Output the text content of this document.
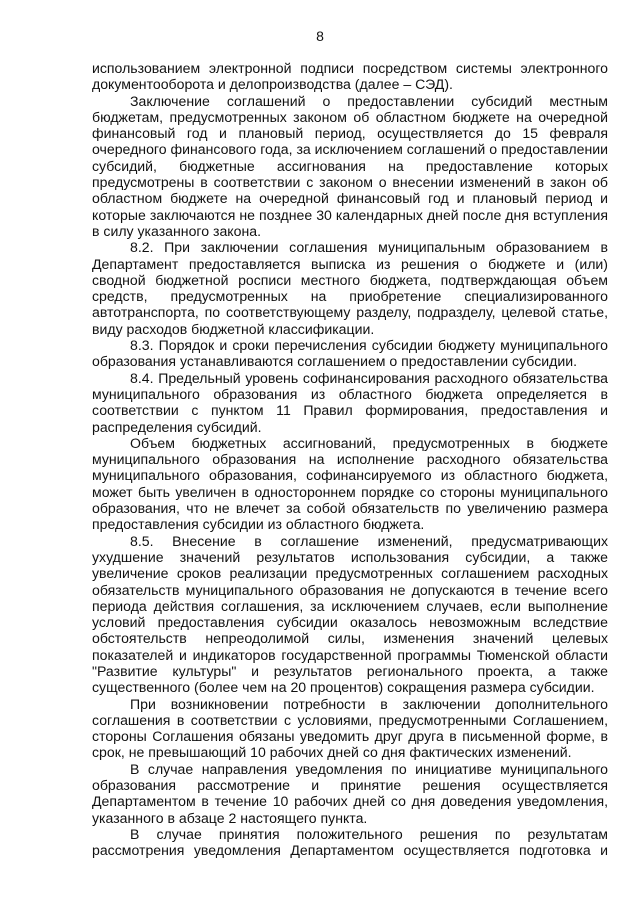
8

использованием электронной подписи посредством системы электронного документооборота и делопроизводства (далее – СЭД).

Заключение соглашений о предоставлении субсидий местным бюджетам, предусмотренных законом об областном бюджете на очередной финансовый год и плановый период, осуществляется до 15 февраля очередного финансового года, за исключением соглашений о предоставлении субсидий, бюджетные ассигнования на предоставление которых предусмотрены в соответствии с законом о внесении изменений в закон об областном бюджете на очередной финансовый год и плановый период и которые заключаются не позднее 30 календарных дней после дня вступления в силу указанного закона.

8.2. При заключении соглашения муниципальным образованием в Департамент предоставляется выписка из решения о бюджете и (или) сводной бюджетной росписи местного бюджета, подтверждающая объем средств, предусмотренных на приобретение специализированного автотранспорта, по соответствующему разделу, подразделу, целевой статье, виду расходов бюджетной классификации.

8.3. Порядок и сроки перечисления субсидии бюджету муниципального образования устанавливаются соглашением о предоставлении субсидии.

8.4. Предельный уровень софинансирования расходного обязательства муниципального образования из областного бюджета определяется в соответствии с пунктом 11 Правил формирования, предоставления и распределения субсидий.

Объем бюджетных ассигнований, предусмотренных в бюджете муниципального образования на исполнение расходного обязательства муниципального образования, софинансируемого из областного бюджета, может быть увеличен в одностороннем порядке со стороны муниципального образования, что не влечет за собой обязательств по увеличению размера предоставления субсидии из областного бюджета.

8.5. Внесение в соглашение изменений, предусматривающих ухудшение значений результатов использования субсидии, а также увеличение сроков реализации предусмотренных соглашением расходных обязательств муниципального образования не допускаются в течение всего периода действия соглашения, за исключением случаев, если выполнение условий предоставления субсидии оказалось невозможным вследствие обстоятельств непреодолимой силы, изменения значений целевых показателей и индикаторов государственной программы Тюменской области "Развитие культуры" и результатов регионального проекта, а также существенного (более чем на 20 процентов) сокращения размера субсидии.

При возникновении потребности в заключении дополнительного соглашения в соответствии с условиями, предусмотренными Соглашением, стороны Соглашения обязаны уведомить друг друга в письменной форме, в срок, не превышающий 10 рабочих дней со дня фактических изменений.

В случае направления уведомления по инициативе муниципального образования рассмотрение и принятие решения осуществляется Департаментом в течение 10 рабочих дней со дня доведения уведомления, указанного в абзаце 2 настоящего пункта.

В случае принятия положительного решения по результатам рассмотрения уведомления Департаментом осуществляется подготовка и
